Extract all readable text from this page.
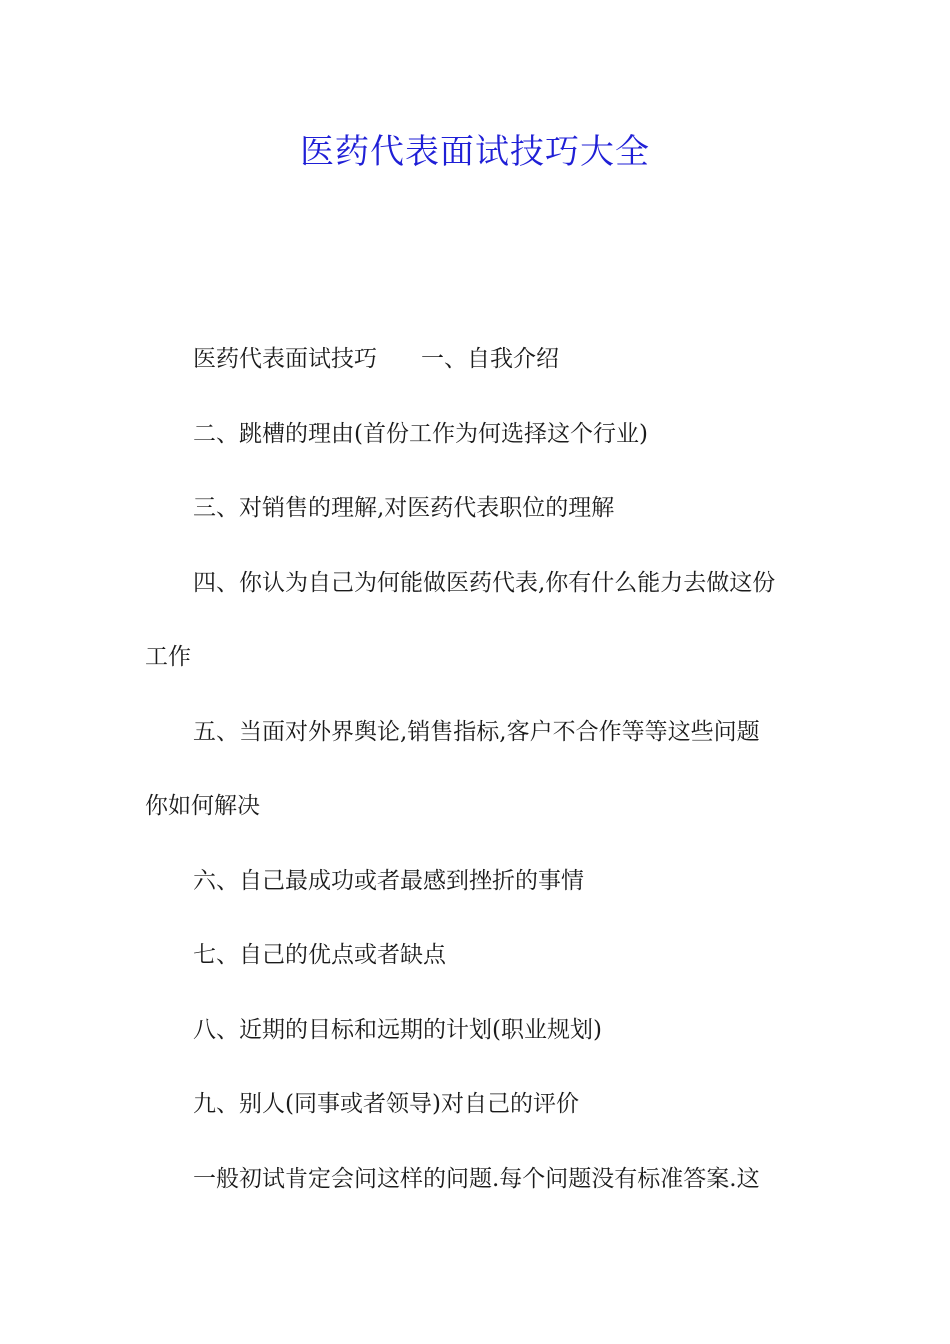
医药代表面试技巧大全
医药代表面试技巧 一、自我介绍
二、跳槽的理由(首份工作为何选择这个行业)
三、对销售的理解,对医药代表职位的理解
四、你认为自己为何能做医药代表,你有什么能力去做这份
工作
五、当面对外界舆论,销售指标,客户不合作等等这些问题
你如何解决
六、自己最成功或者最感到挫折的事情
七、自己的优点或者缺点
八、近期的目标和远期的计划(职业规划)
九、别人(同事或者领导)对自己的评价
一般初试肯定会问这样的问题.每个问题没有标准答案.这
